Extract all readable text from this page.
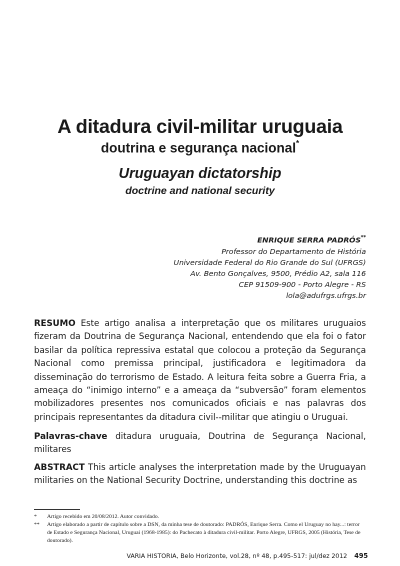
A ditadura civil-militar uruguaia
doutrina e segurança nacional*
Uruguayan dictatorship
doctrine and national security
ENRIQUE SERRA PADRÓS**
Professor do Departamento de História
Universidade Federal do Rio Grande do Sul (UFRGS)
Av. Bento Gonçalves, 9500, Prédio A2, sala 116
CEP 91509-900 - Porto Alegre - RS
lola@adufrgs.ufrgs.br

RESUMO Este artigo analisa a interpretação que os militares uruguaios fizeram da Doutrina de Segurança Nacional, entendendo que ela foi o fator basilar da política repressiva estatal que colocou a proteção da Segurança Nacional como premissa principal, justificadora e legitimadora da disseminação do terrorismo de Estado. A leitura feita sobre a Guerra Fria, a ameaça do “inimigo interno” e a ameaça da “subversão” foram elementos mobilizadores presentes nos comunicados oficiais e nas palavras dos principais representantes da ditadura civil--militar que atingiu o Uruguai.

Palavras-chave ditadura uruguaia, Doutrina de Segurança Nacional, militares

ABSTRACT This article analyses the interpretation made by the Uruguayan militaries on the National Security Doctrine, understanding this doctrine as

* Artigo recebido em 20/08/2012. Autor convidado.
** Artigo elaborado a partir de capítulo sobre a DSN, da minha tese de doutorado: PADRÓS, Enrique Serra. Como el Uruguay no hay...: terror de Estado e Segurança Nacional, Uruguai (1968-1985): do Pachecato à ditadura civil-militar. Porto Alegre, UFRGS, 2005 (História, Tese de doutorado).
VARIA HISTORIA, Belo Horizonte, vol.28, nº 48, p.495-517: jul/dez 2012 495
